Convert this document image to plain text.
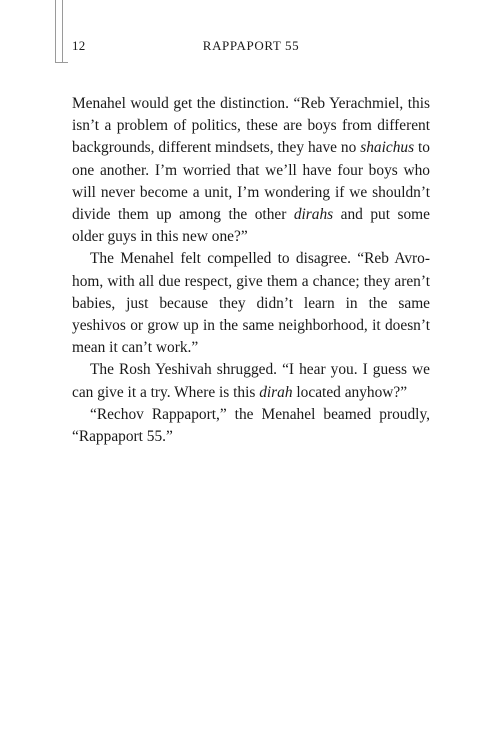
12	RAPPAPORT 55

Menahel would get the distinction. “Reb Yerachmiel, this isn’t a problem of politics, these are boys from different backgrounds, different mindsets, they have no shaichus to one another. I’m worried that we’ll have four boys who will never become a unit, I’m wondering if we shouldn’t divide them up among the other dirahs and put some older guys in this new one?”

The Menahel felt compelled to disagree. “Reb Avrohom, with all due respect, give them a chance; they aren’t babies, just because they didn’t learn in the same yeshivos or grow up in the same neighborhood, it doesn’t mean it can’t work.”

The Rosh Yeshivah shrugged. “I hear you. I guess we can give it a try. Where is this dirah located anyhow?”

“Rechov Rappaport,” the Menahel beamed proudly, “Rappaport 55.”
